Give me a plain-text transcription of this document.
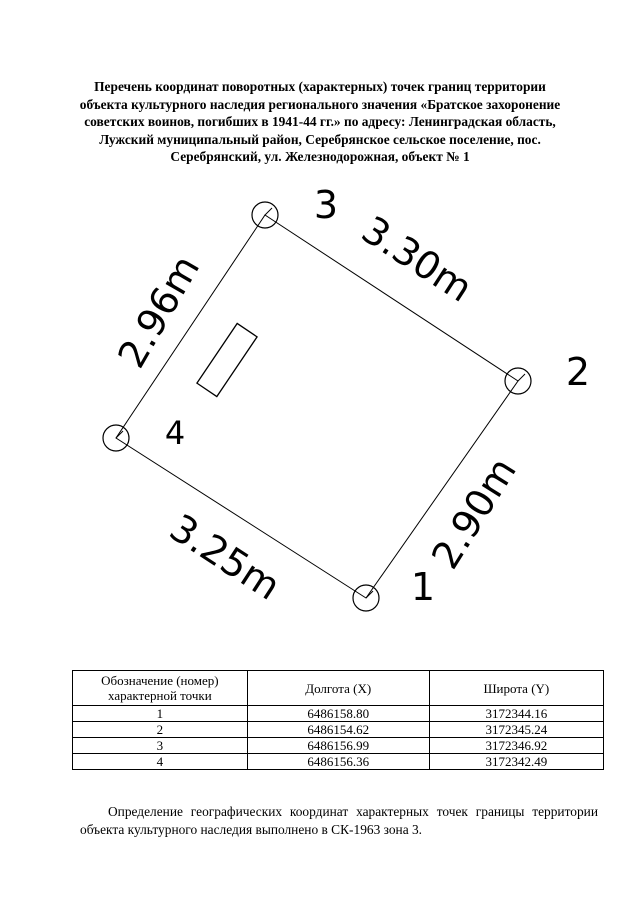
Перечень координат поворотных (характерных) точек границ территории
объекта культурного наследия регионального значения «Братское захоронение
советских воинов, погибших в 1941-44 гг.» по адресу: Ленинградская область,
Лужский муниципальный район, Серебрянское сельское поселение, пос.
Серебрянский, ул. Железнодорожная, объект № 1
3
2
1
4
2.96m	3.30m
2.90m
3.25m
Обозначение (номер) характерной точки	Долгота (X)	Широта (Y)
1	6486158.80	3172344.16
2	6486154.62	3172345.24
3	6486156.99	3172346.92
4	6486156.36	3172342.49

Определение географических координат характерных точек границы территории объекта культурного наследия выполнено в СК-1963 зона 3.
